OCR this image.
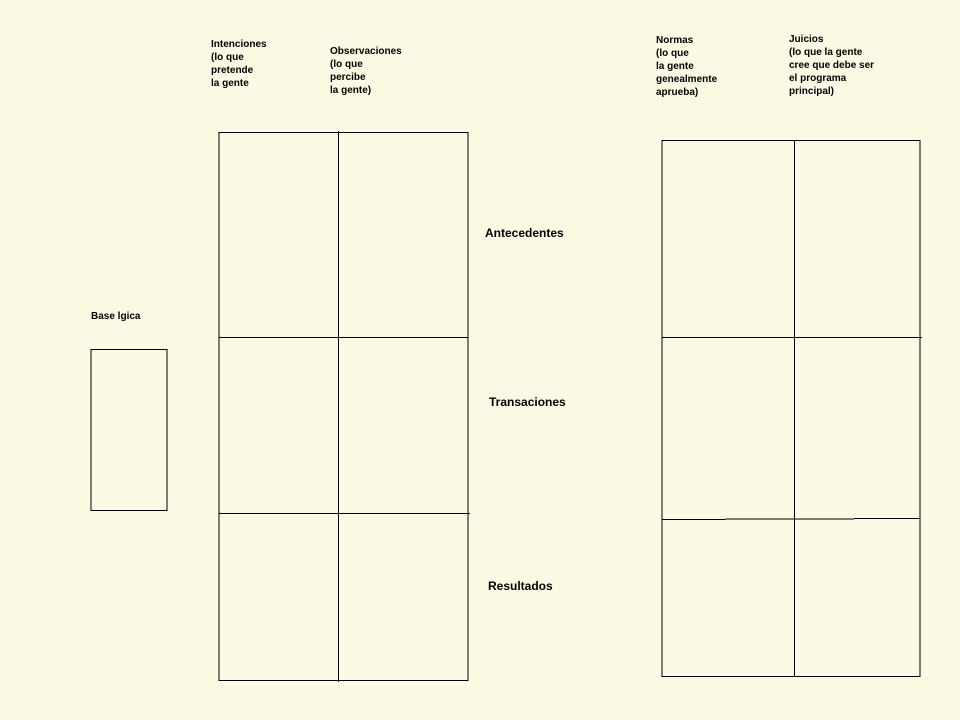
Intenciones
(lo que
pretende
la gente
Observaciones
(lo que
percibe
la gente)
Normas
(lo que
la gente
genealmente
aprueba)
Juicios
(lo que la gente
cree que debe ser
el programa
principal)
Base lgica
Antecedentes
Transaciones
Resultados
